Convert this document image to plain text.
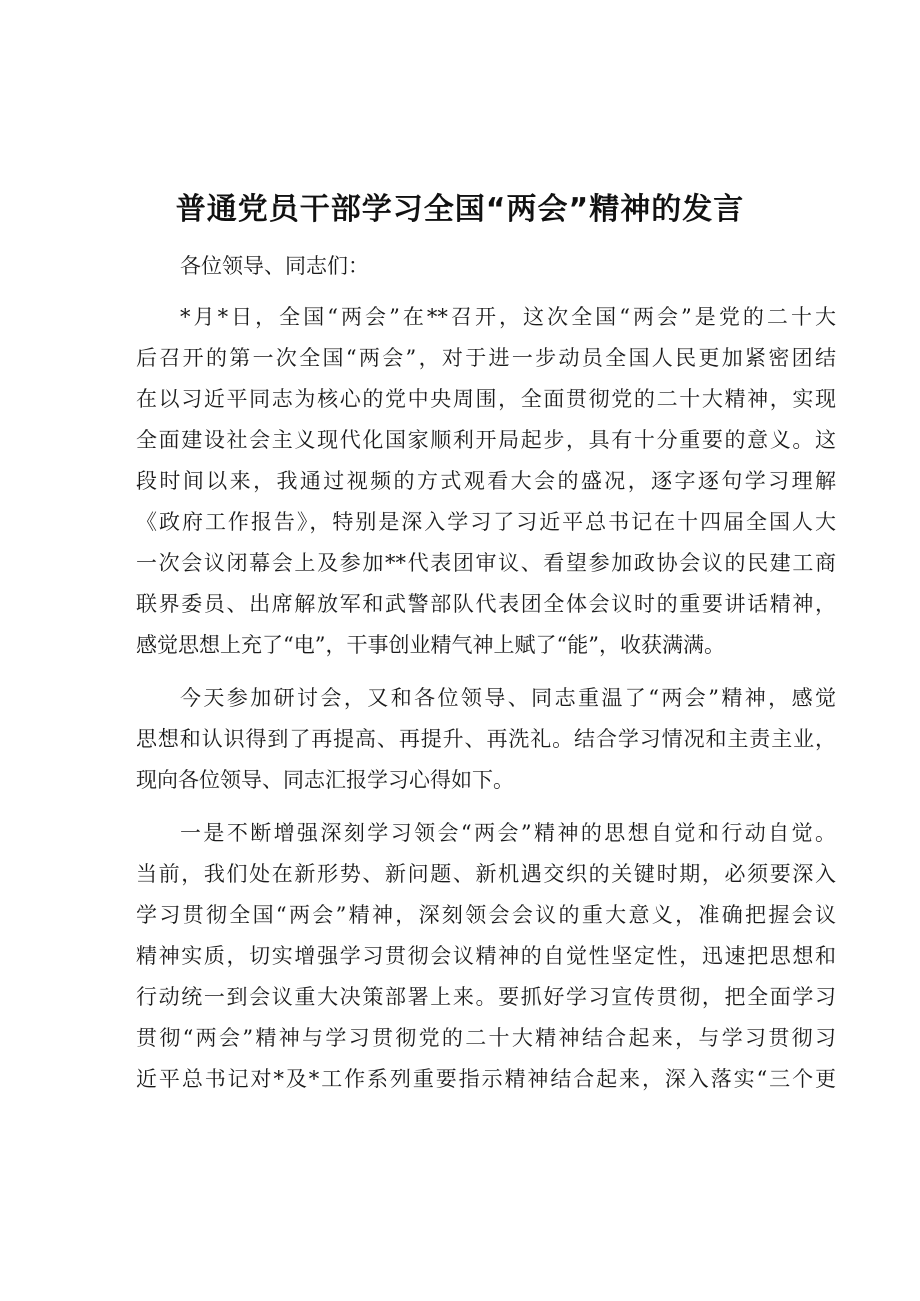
普通党员干部学习全国“两会”精神的发言
各位领导、同志们：
*月*日，全国“两会”在**召开，这次全国“两会”是党的二十大
后召开的第一次全国“两会”，对于进一步动员全国人民更加紧密团结
在以习近平同志为核心的党中央周围，全面贯彻党的二十大精神，实现
全面建设社会主义现代化国家顺利开局起步，具有十分重要的意义。这
段时间以来，我通过视频的方式观看大会的盛况，逐字逐句学习理解
《政府工作报告》，特别是深入学习了习近平总书记在十四届全国人大
一次会议闭幕会上及参加**代表团审议、看望参加政协会议的民建工商
联界委员、出席解放军和武警部队代表团全体会议时的重要讲话精神，
感觉思想上充了“电”，干事创业精气神上赋了“能”，收获满满。
今天参加研讨会，又和各位领导、同志重温了“两会”精神，感觉
思想和认识得到了再提高、再提升、再洗礼。结合学习情况和主责主业，
现向各位领导、同志汇报学习心得如下。
一是不断增强深刻学习领会“两会”精神的思想自觉和行动自觉。
当前，我们处在新形势、新问题、新机遇交织的关键时期，必须要深入
学习贯彻全国“两会”精神，深刻领会会议的重大意义，准确把握会议
精神实质，切实增强学习贯彻会议精神的自觉性坚定性，迅速把思想和
行动统一到会议重大决策部署上来。要抓好学习宣传贯彻，把全面学习
贯彻“两会”精神与学习贯彻党的二十大精神结合起来，与学习贯彻习
近平总书记对*及*工作系列重要指示精神结合起来，深入落实“三个更
